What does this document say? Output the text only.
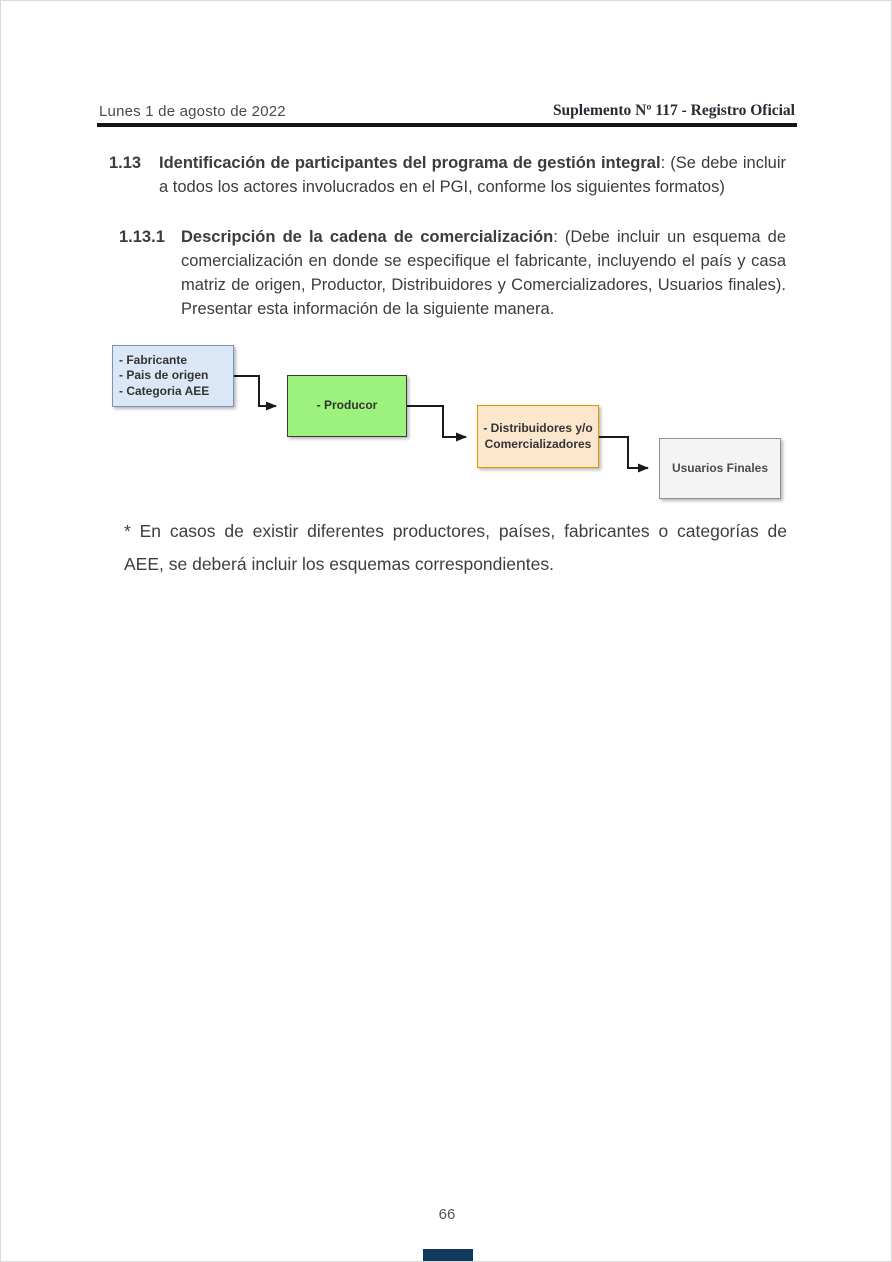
Lunes 1 de agosto de 2022	Suplemento Nº 117 - Registro Oficial
1.13	Identificación de participantes del programa de gestión integral: (Se debe incluir a todos los actores involucrados en el PGI, conforme los siguientes formatos)
1.13.1 Descripción de la cadena de comercialización: (Debe incluir un esquema de comercialización en donde se especifique el fabricante, incluyendo el país y casa matriz de origen, Productor, Distribuidores y Comercializadores, Usuarios finales). Presentar esta información de la siguiente manera.
- Fabricante
- Pais de origen
- Categoria AEE
- Producor
- Distribuidores y/o
Comercializadores
Usuarios Finales
* En casos de existir diferentes productores, países, fabricantes o categorías de AEE, se deberá incluir los esquemas correspondientes.
66
